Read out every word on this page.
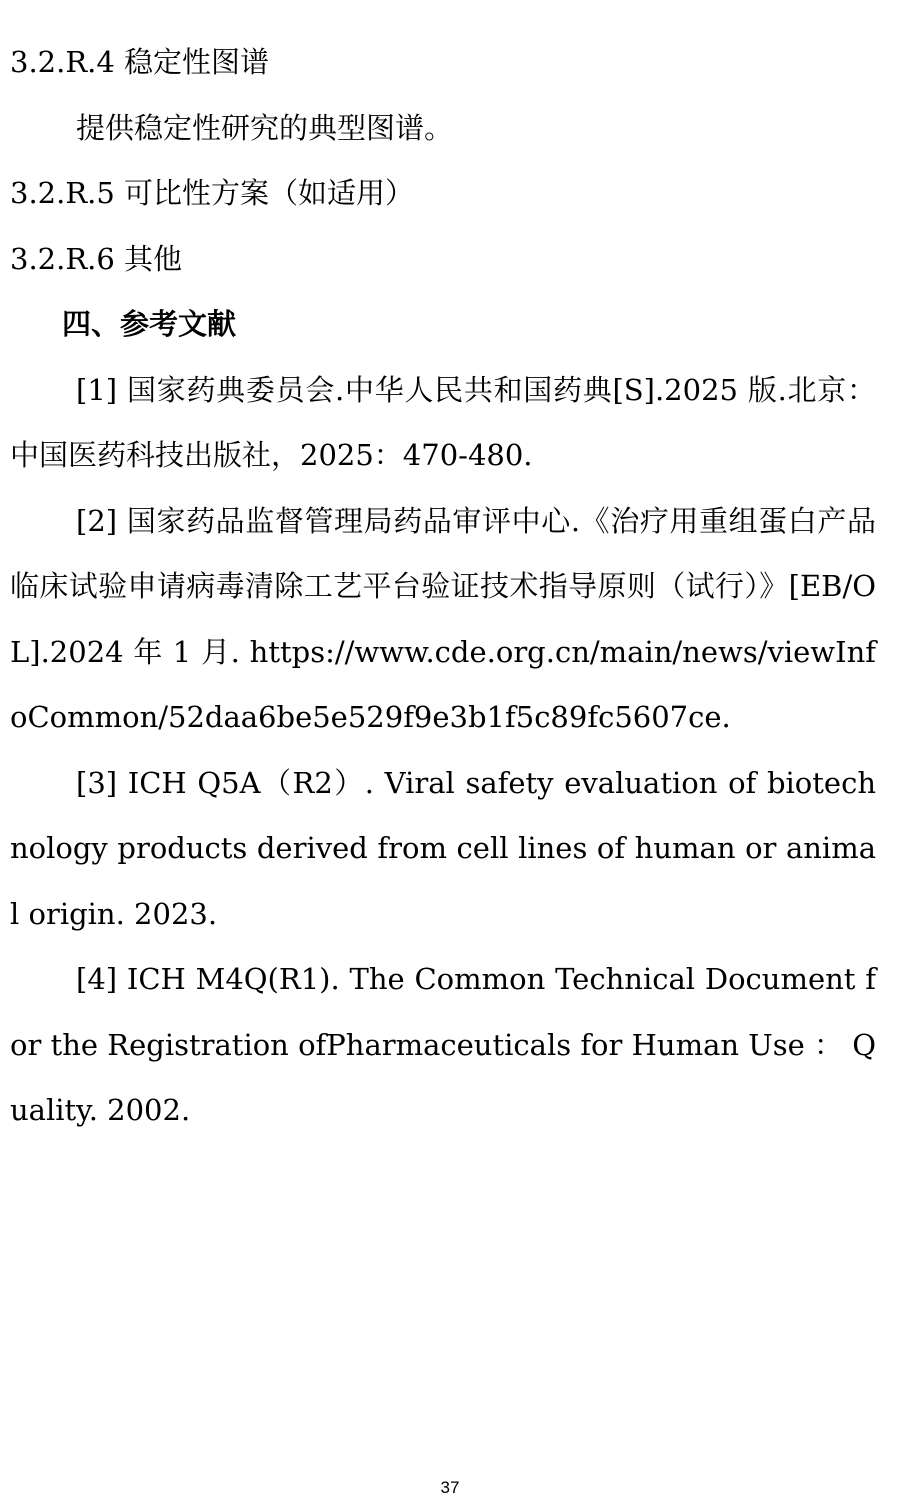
3.2.R.4 稳定性图谱
提供稳定性研究的典型图谱。
3.2.R.5 可比性方案（如适用）
3.2.R.6 其他
四、参考文献
[1] 国家药典委员会.中华人民共和国药典[S].2025 版.北京：中国医药科技出版社，2025：470-480.
[2] 国家药品监督管理局药品审评中心.《治疗用重组蛋白产品临床试验申请病毒清除工艺平台验证技术指导原则（试行）》[EB/OL].2024 年 1 月. https://www.cde.org.cn/main/news/viewInfoCommon/52daa6be5e529f9e3b1f5c89fc5607ce.
[3] ICH Q5A（R2）. Viral safety evaluation of biotechnology products derived from cell lines of human or animal origin. 2023.
[4] ICH M4Q(R1). The Common Technical Document for the Registration ofPharmaceuticals for Human Use ： Quality. 2002.
37
